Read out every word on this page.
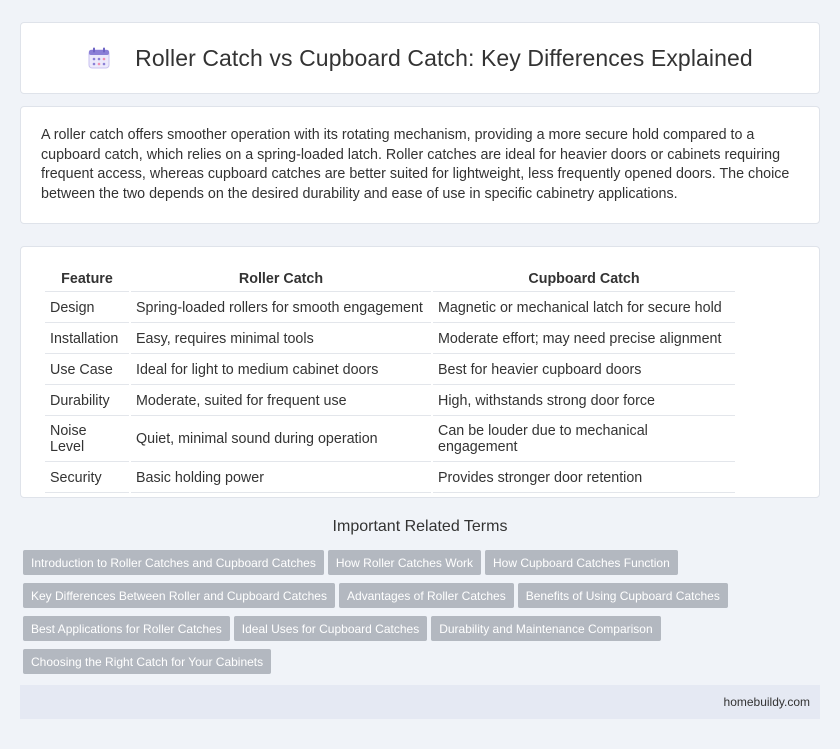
Roller Catch vs Cupboard Catch: Key Differences Explained

A roller catch offers smoother operation with its rotating mechanism, providing a more secure hold compared to a cupboard catch, which relies on a spring-loaded latch. Roller catches are ideal for heavier doors or cabinets requiring frequent access, whereas cupboard catches are better suited for lightweight, less frequently opened doors. The choice between the two depends on the desired durability and ease of use in specific cabinetry applications.

Feature	Roller Catch	Cupboard Catch
Design	Spring-loaded rollers for smooth engagement	Magnetic or mechanical latch for secure hold
Installation	Easy, requires minimal tools	Moderate effort; may need precise alignment
Use Case	Ideal for light to medium cabinet doors	Best for heavier cupboard doors
Durability	Moderate, suited for frequent use	High, withstands strong door force
Noise Level	Quiet, minimal sound during operation	Can be louder due to mechanical engagement
Security	Basic holding power	Provides stronger door retention
Important Related Terms
Introduction to Roller Catches and Cupboard Catches How Roller Catches Work How Cupboard Catches Function
Key Differences Between Roller and Cupboard Catches Advantages of Roller Catches Benefits of Using Cupboard Catches
Best Applications for Roller Catches Ideal Uses for Cupboard Catches Durability and Maintenance Comparison
Choosing the Right Catch for Your Cabinets
homebuildy.com
